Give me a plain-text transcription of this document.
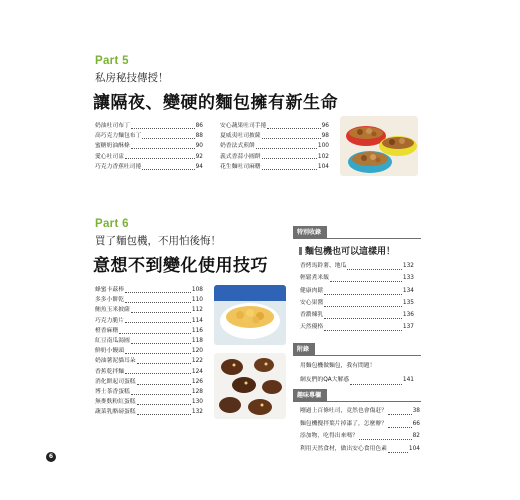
Part 5
私房秘技傳授！
讓隔夜、變硬的麵包擁有新生命
奶油吐司布丁	86
高巧克力麵包布丁	88
蜜糖奶油酥條	90
愛心吐司盅	92
巧克力香蕉吐司捲	94
安心蔬果吐司手捲	96
夏威夷吐司披薩	98
奶香法式煎餅	100
義式香蒜小圓餅	102
花生麵吐司麻糬	104
Part 6
買了麵包機，不用怕後悔！
意想不到變化使用技巧
蜂蜜卡茲棒	108
多多小餅乾	110
鮪魚玉米披薩	112
巧克力脆片	114
橙香麻糬	116
紅豆南瓜湯圓	118
鮮奶小饅頭	120
奶油薯泥貓耳朵	122
香蕉乾拌麵	124
消化餅起司蛋糕	126
博士茶香蛋糕	128
無麥麩粉紅蛋糕	130
蔬菜乳酪磅蛋糕	132
特別收錄
麵包機也可以這樣用！
香烤馬鈴薯、地瓜	132
輕鬆煮米飯	133
健康肉鬆	134
安心果醬	135
香濃煉乳	136
天然優格	137
附錄
用麵包機做麵包，我有問題！
網友們的QA大解惑	141
趣味專欄
剛過上百條吐司，竟然也會傷赶？	38
麵包機攪拌葉片掉漆了，怎麼辦？	66
添加物，吃得出來嗎？	82
利用天然食材，做出安心食用色素	104
6
